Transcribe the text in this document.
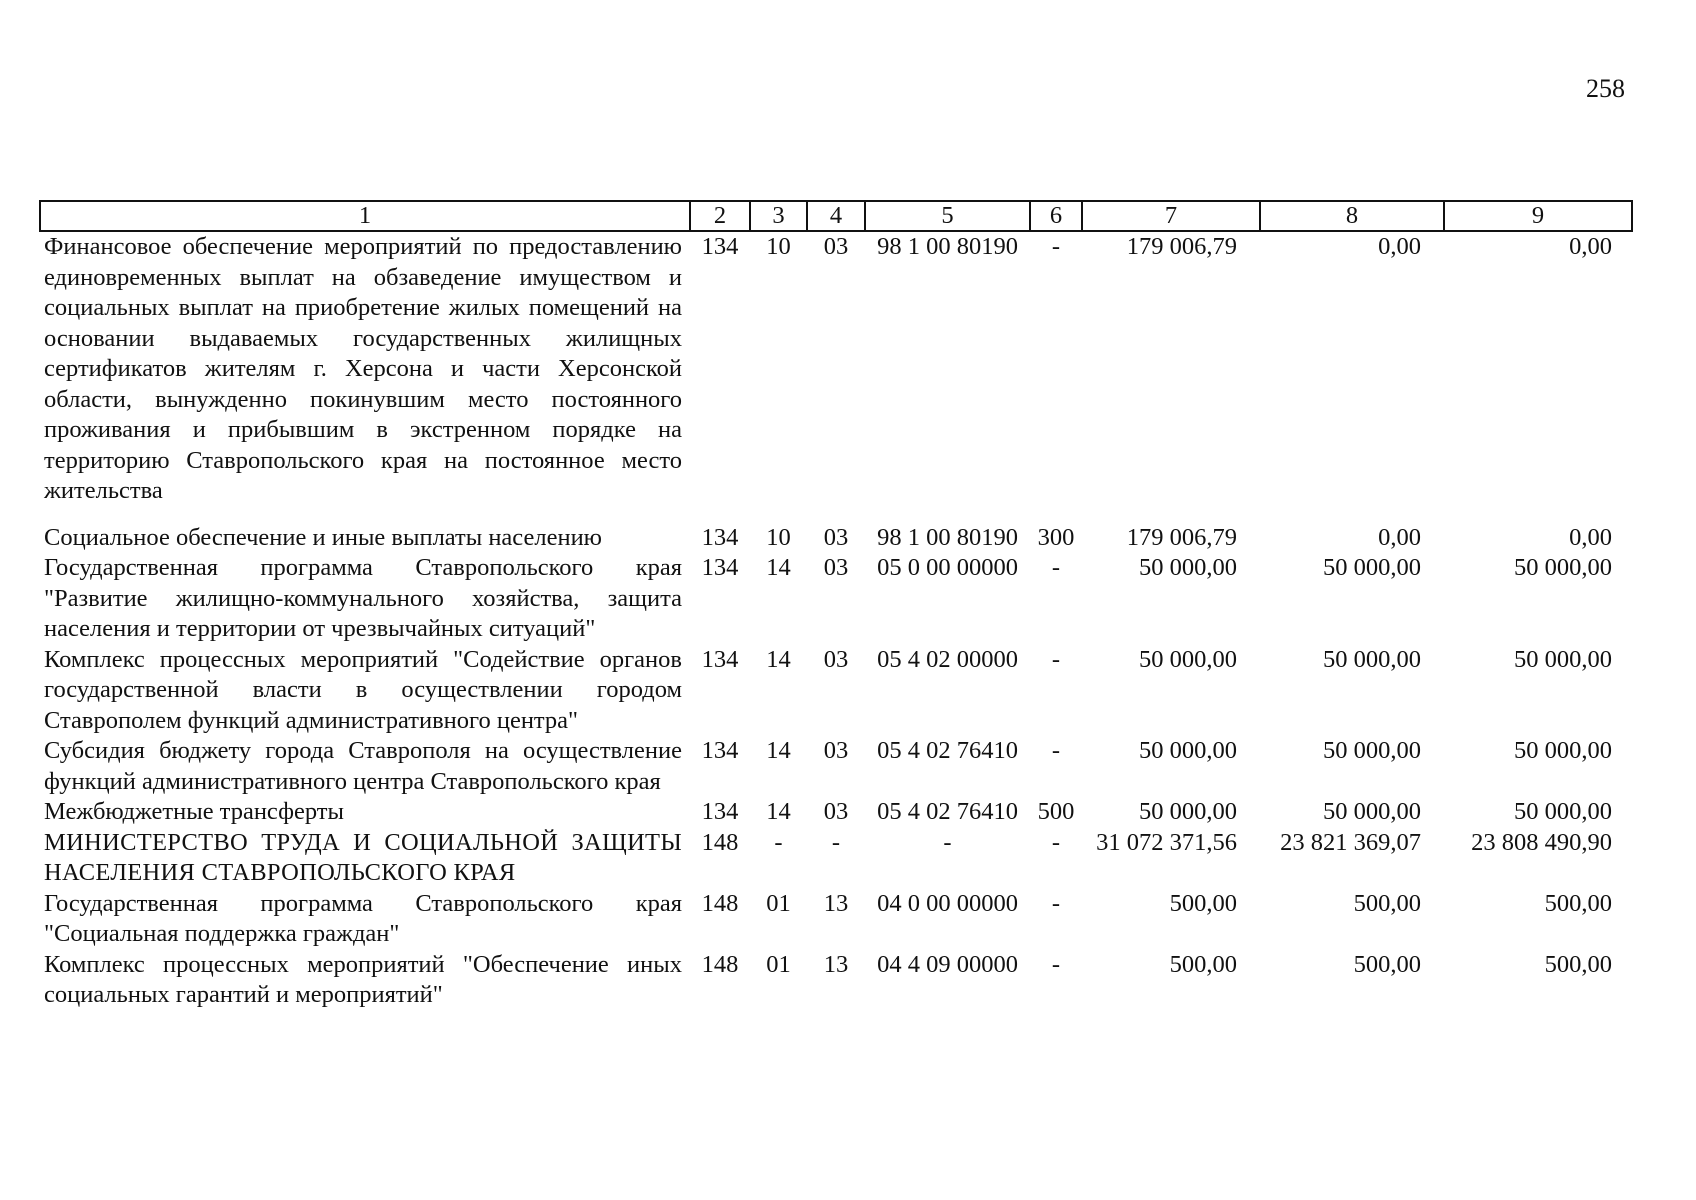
258
1	2	3	4	5	6	7	8	9
Финансовое обеспечение мероприятий по предоставлению единовременных выплат на обзаведение имуществом и социальных выплат на приобретение жилых помещений на основании выдаваемых государственных жилищных сертификатов жителям г. Херсона и части Херсонской области, вынужденно покинувшим место постоянного проживания и прибывшим в экстренном порядке на территорию Ставропольского края на постоянное место жительства	134	10	03	98 1 00 80190	-	179 006,79	0,00	0,00
Социальное обеспечение и иные выплаты населению	134	10	03	98 1 00 80190	300	179 006,79	0,00	0,00
Государственная программа Ставропольского края "Развитие жилищно-коммунального хозяйства, защита населения и территории от чрезвычайных ситуаций"	134	14	03	05 0 00 00000	-	50 000,00	50 000,00	50 000,00
Комплекс процессных мероприятий "Содействие органов государственной власти в осуществлении городом Ставрополем функций административного центра"	134	14	03	05 4 02 00000	-	50 000,00	50 000,00	50 000,00
Субсидия бюджету города Ставрополя на осуществление функций административного центра Ставропольского края	134	14	03	05 4 02 76410	-	50 000,00	50 000,00	50 000,00
Межбюджетные трансферты	134	14	03	05 4 02 76410	500	50 000,00	50 000,00	50 000,00
МИНИСТЕРСТВО ТРУДА И СОЦИАЛЬНОЙ ЗАЩИТЫ НАСЕЛЕНИЯ СТАВРОПОЛЬСКОГО КРАЯ	148	-	-	-	-	31 072 371,56	23 821 369,07	23 808 490,90
Государственная программа Ставропольского края "Социальная поддержка граждан"	148	01	13	04 0 00 00000	-	500,00	500,00	500,00
Комплекс процессных мероприятий "Обеспечение иных социальных гарантий и мероприятий"	148	01	13	04 4 09 00000	-	500,00	500,00	500,00
